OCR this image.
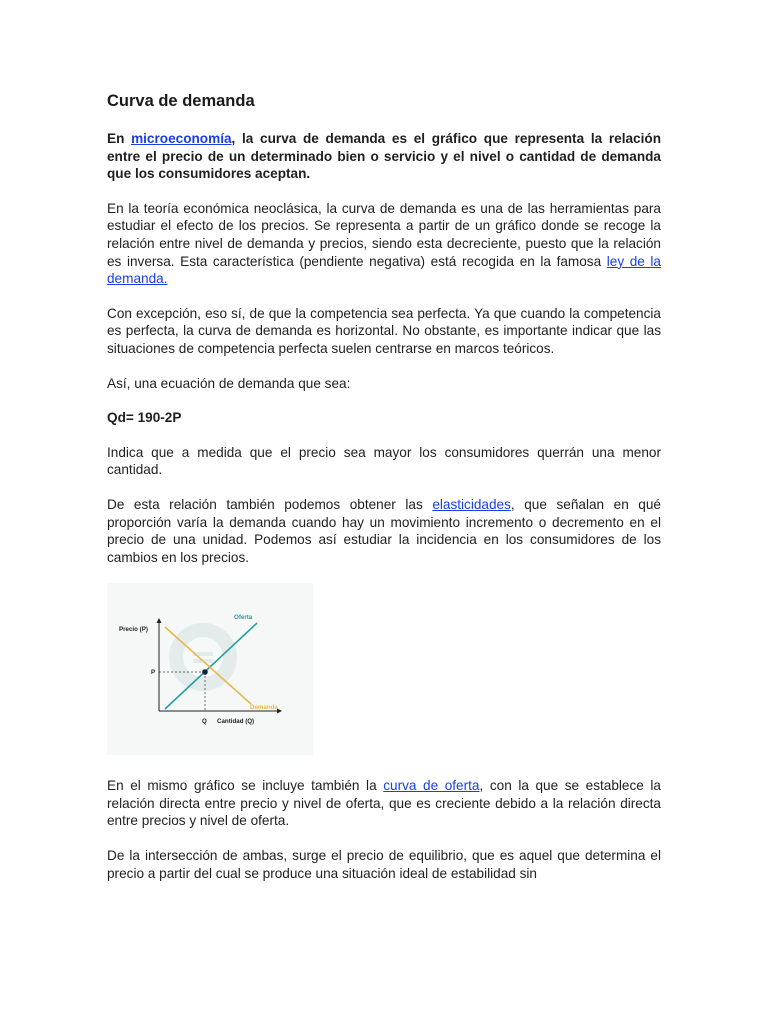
Curva de demanda

En microeconomía, la curva de demanda es el gráfico que representa la relación entre el precio de un determinado bien o servicio y el nivel o cantidad de demanda que los consumidores aceptan.

En la teoría económica neoclásica, la curva de demanda es una de las herramientas para estudiar el efecto de los precios. Se representa a partir de un gráfico donde se recoge la relación entre nivel de demanda y precios, siendo esta decreciente, puesto que la relación es inversa. Esta característica (pendiente negativa) está recogida en la famosa ley de la demanda.

Con excepción, eso sí, de que la competencia sea perfecta. Ya que cuando la competencia es perfecta, la curva de demanda es horizontal. No obstante, es importante indicar que las situaciones de competencia perfecta suelen centrarse en marcos teóricos.

Así, una ecuación de demanda que sea:

Qd= 190-2P

Indica que a medida que el precio sea mayor los consumidores querrán una menor cantidad.

De esta relación también podemos obtener las elasticidades, que señalan en qué proporción varía la demanda cuando hay un movimiento incremento o decremento en el precio de una unidad. Podemos así estudiar la incidencia en los consumidores de los cambios en los precios.

Oferta
Demanda
Precio (P)
Cantidad (Q)
P
Q

En el mismo gráfico se incluye también la curva de oferta, con la que se establece la relación directa entre precio y nivel de oferta, que es creciente debido a la relación directa entre precios y nivel de oferta.

De la intersección de ambas, surge el precio de equilibrio, que es aquel que determina el precio a partir del cual se produce una situación ideal de estabilidad sin
